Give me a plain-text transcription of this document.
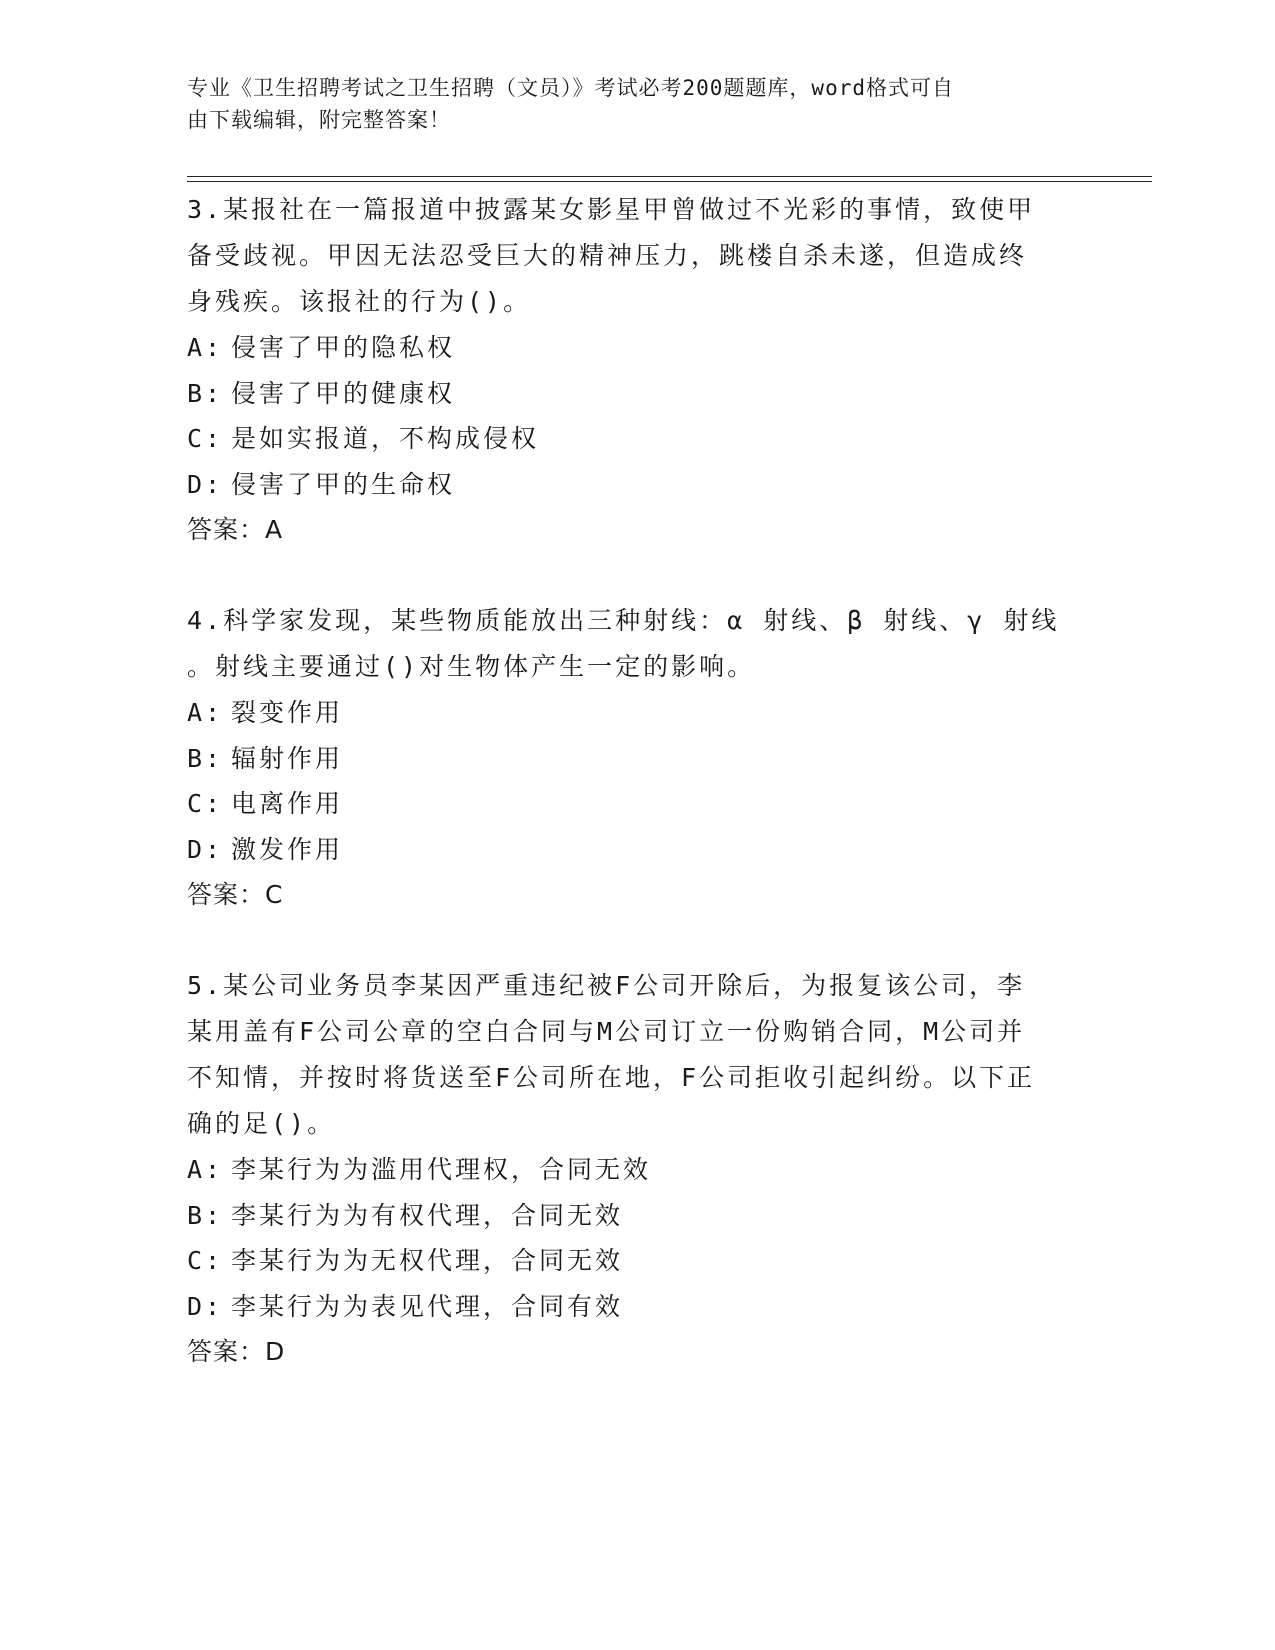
专业《卫生招聘考试之卫生招聘（文员）》考试必考200题题库，word格式可自
由下载编辑，附完整答案！

3.某报社在一篇报道中披露某女影星甲曾做过不光彩的事情，致使甲

备受歧视。甲因无法忍受巨大的精神压力，跳楼自杀未遂，但造成终

身残疾。该报社的行为()。

A: 侵害了甲的隐私权

B: 侵害了甲的健康权

C: 是如实报道，不构成侵权

D: 侵害了甲的生命权

答案：A

4.科学家发现，某些物质能放出三种射线：α 射线、β 射线、γ 射线

。射线主要通过()对生物体产生一定的影响。

A: 裂变作用

B: 辐射作用

C: 电离作用

D: 激发作用

答案：C

5.某公司业务员李某因严重违纪被F公司开除后，为报复该公司，李

某用盖有F公司公章的空白合同与M公司订立一份购销合同，M公司并

不知情，并按时将货送至F公司所在地，F公司拒收引起纠纷。以下正

确的足()。

A: 李某行为为滥用代理权，合同无效

B: 李某行为为有权代理，合同无效

C: 李某行为为无权代理，合同无效

D: 李某行为为表见代理，合同有效

答案：D
